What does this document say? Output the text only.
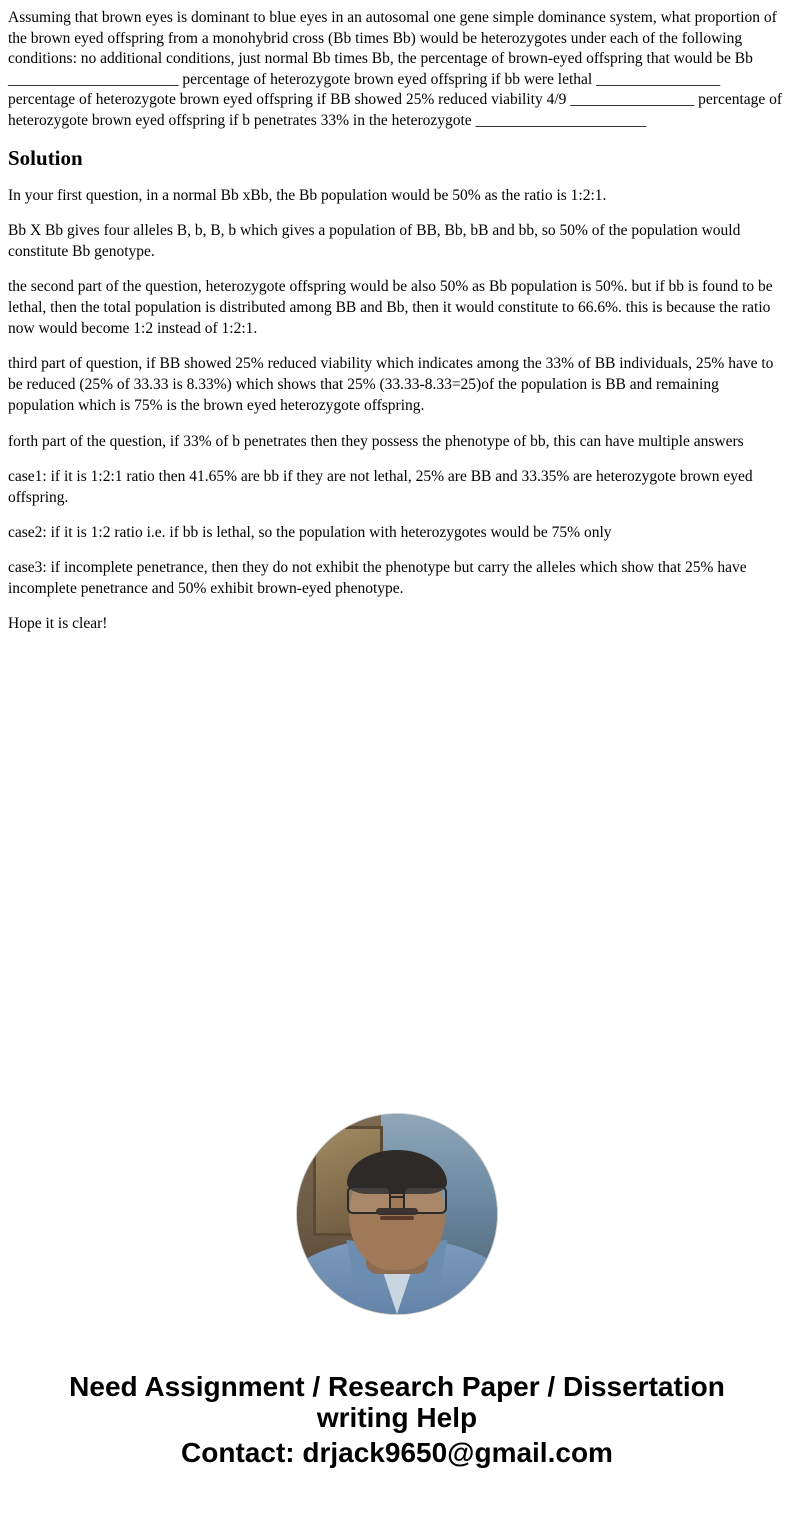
Assuming that brown eyes is dominant to blue eyes in an autosomal one gene simple dominance system, what proportion of the brown eyed offspring from a monohybrid cross (Bb times Bb) would be heterozygotes under each of the following conditions: no additional conditions, just normal Bb times Bb, the percentage of brown-eyed offspring that would be Bb ______________________ percentage of heterozygote brown eyed offspring if bb were lethal ________________ percentage of heterozygote brown eyed offspring if BB showed 25% reduced viability 4/9 ________________ percentage of heterozygote brown eyed offspring if b penetrates 33% in the heterozygote ______________________

Solution

In your first question, in a normal Bb xBb, the Bb population would be 50% as the ratio is 1:2:1.

Bb X Bb gives four alleles B, b, B, b which gives a population of BB, Bb, bB and bb, so 50% of the population would constitute Bb genotype.

the second part of the question, heterozygote offspring would be also 50% as Bb population is 50%. but if bb is found to be lethal, then the total population is distributed among BB and Bb, then it would constitute to 66.6%. this is because the ratio now would become 1:2 instead of 1:2:1.

third part of question, if BB showed 25% reduced viability which indicates among the 33% of BB individuals, 25% have to be reduced (25% of 33.33 is 8.33%) which shows that 25% (33.33-8.33=25)of the population is BB and remaining population which is 75% is the brown eyed heterozygote offspring.

forth part of the question, if 33% of b penetrates then they possess the phenotype of bb, this can have multiple answers

case1: if it is 1:2:1 ratio then 41.65% are bb if they are not lethal, 25% are BB and 33.35% are heterozygote brown eyed offspring.

case2: if it is 1:2 ratio i.e. if bb is lethal, so the population with heterozygotes would be 75% only

case3: if incomplete penetrance, then they do not exhibit the phenotype but carry the alleles which show that 25% have incomplete penetrance and 50% exhibit brown-eyed phenotype.

Hope it is clear!

Need Assignment / Research Paper / Dissertation writing Help
Contact: drjack9650@gmail.com
